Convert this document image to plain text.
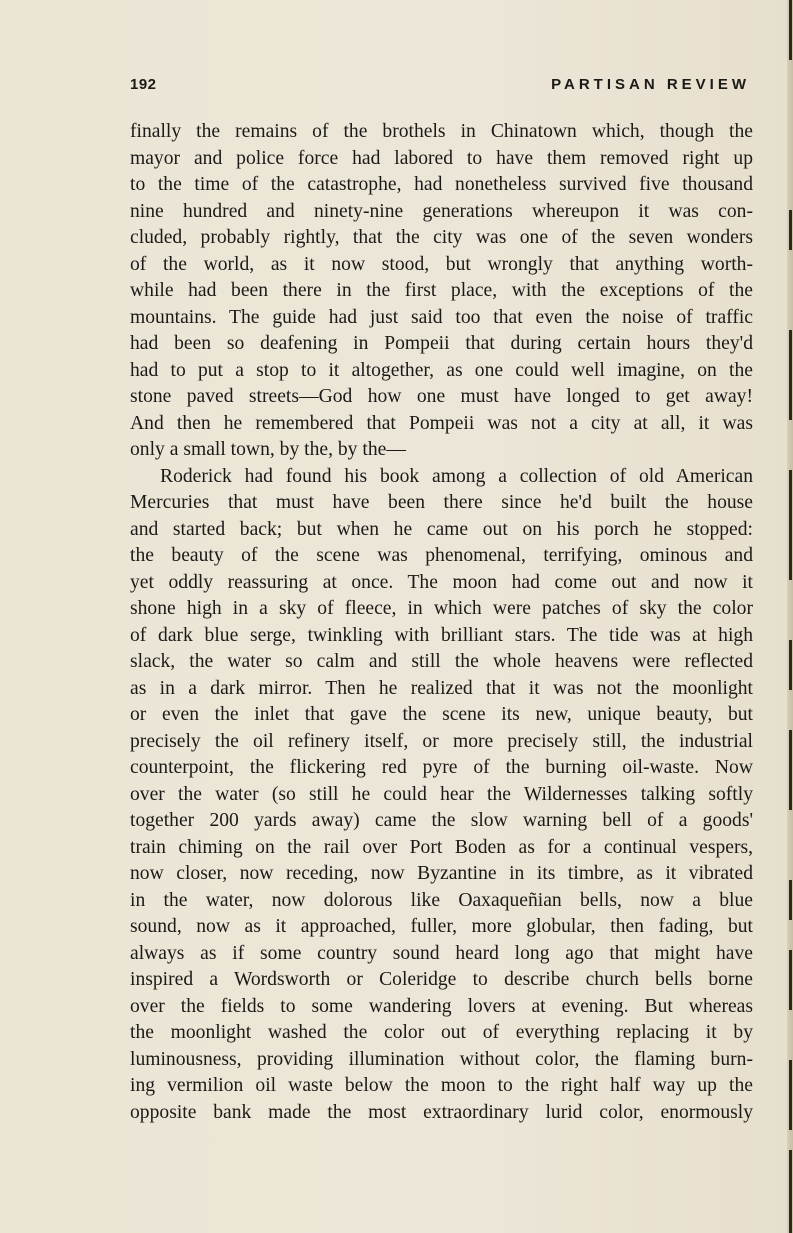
192	PARTISAN REVIEW
finally the remains of the brothels in Chinatown which, though the
mayor and police force had labored to have them removed right up
to the time of the catastrophe, had nonetheless survived five thousand
nine hundred and ninety-nine generations whereupon it was con-
cluded, probably rightly, that the city was one of the seven wonders
of the world, as it now stood, but wrongly that anything worth-
while had been there in the first place, with the exceptions of the
mountains. The guide had just said too that even the noise of traffic
had been so deafening in Pompeii that during certain hours they'd
had to put a stop to it altogether, as one could well imagine, on the
stone paved streets—God how one must have longed to get away!
And then he remembered that Pompeii was not a city at all, it was
only a small town, by the, by the—
Roderick had found his book among a collection of old American
Mercuries that must have been there since he'd built the house
and started back; but when he came out on his porch he stopped:
the beauty of the scene was phenomenal, terrifying, ominous and
yet oddly reassuring at once. The moon had come out and now it
shone high in a sky of fleece, in which were patches of sky the color
of dark blue serge, twinkling with brilliant stars. The tide was at high
slack, the water so calm and still the whole heavens were reflected
as in a dark mirror. Then he realized that it was not the moonlight
or even the inlet that gave the scene its new, unique beauty, but
precisely the oil refinery itself, or more precisely still, the industrial
counterpoint, the flickering red pyre of the burning oil-waste. Now
over the water (so still he could hear the Wildernesses talking softly
together 200 yards away) came the slow warning bell of a goods'
train chiming on the rail over Port Boden as for a continual vespers,
now closer, now receding, now Byzantine in its timbre, as it vibrated
in the water, now dolorous like Oaxaqueñian bells, now a blue
sound, now as it approached, fuller, more globular, then fading, but
always as if some country sound heard long ago that might have
inspired a Wordsworth or Coleridge to describe church bells borne
over the fields to some wandering lovers at evening. But whereas
the moonlight washed the color out of everything replacing it by
luminousness, providing illumination without color, the flaming burn-
ing vermilion oil waste below the moon to the right half way up the
opposite bank made the most extraordinary lurid color, enormously
